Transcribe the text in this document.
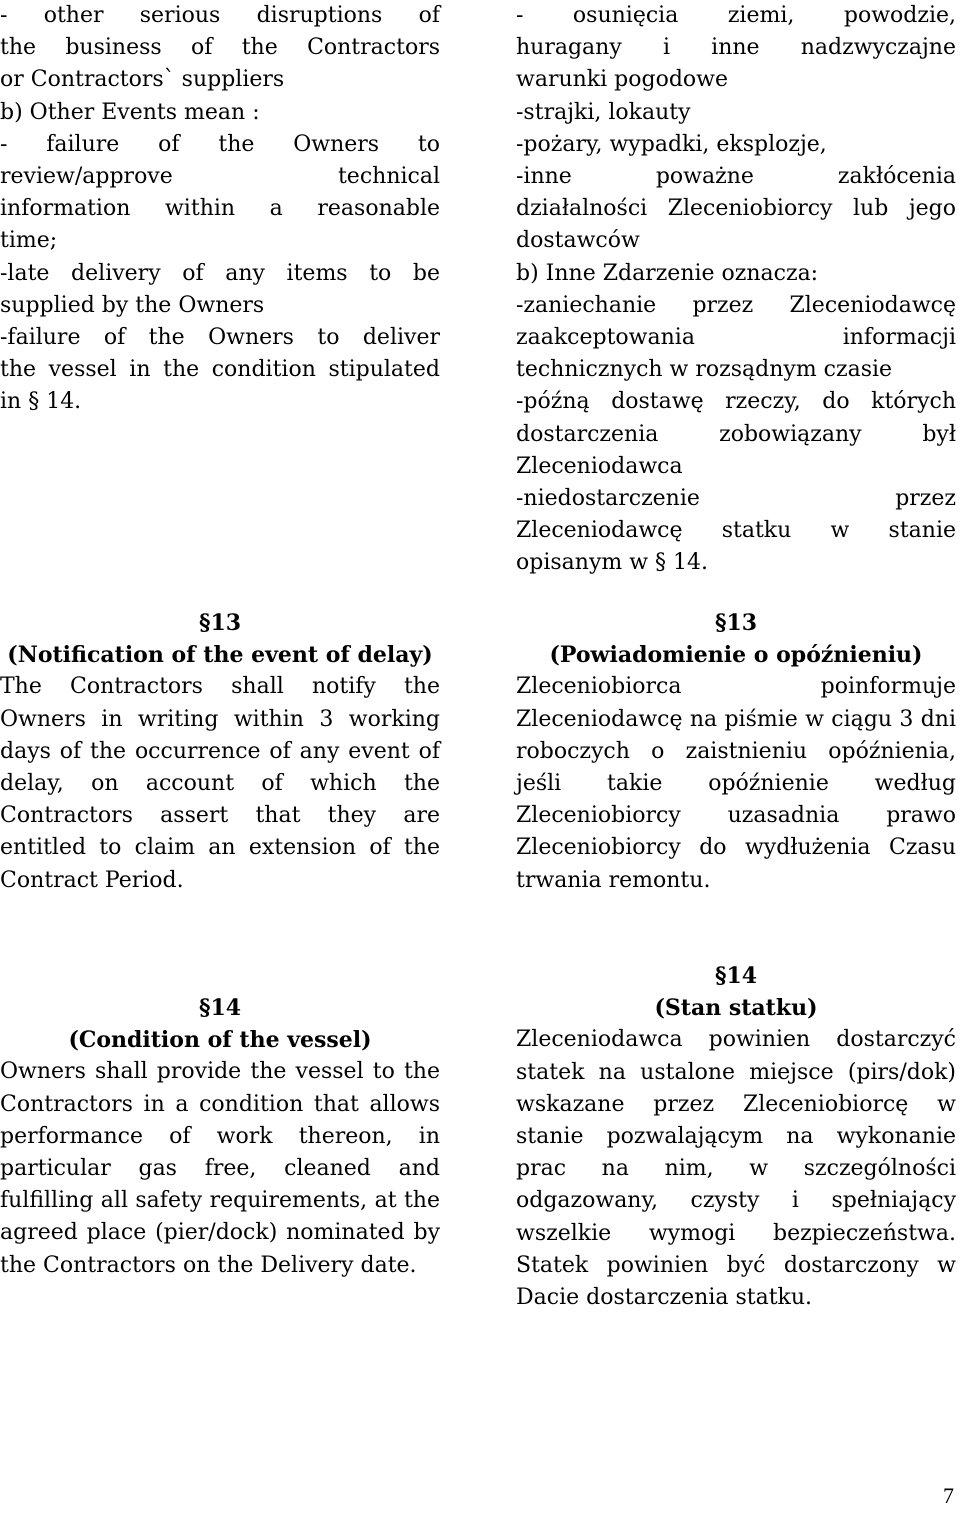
- other serious disruptions of
the business of the Contractors
or Contractors` suppliers
b) Other Events mean :
- failure of the Owners to
review/approve technical
information within a reasonable
time;
-late delivery of any items to be
supplied by the Owners
-failure of the Owners to deliver
the vessel in the condition stipulated
in § 14.

§13

(Notification of the event of delay)

The Contractors shall notify the Owners in writing within 3 working days of the occurrence of any event of delay, on account of which the Contractors assert that they are entitled to claim an extension of the Contract Period.

§14

(Condition of the vessel)

Owners shall provide the vessel to the Contractors in a condition that allows performance of work thereon, in particular gas free, cleaned and fulfilling all safety requirements, at the agreed place (pier/dock) nominated by the Contractors on the Delivery date.

- osunięcia ziemi, powodzie,
huragany i inne nadzwyczajne
warunki pogodowe
-strajki, lokauty
-pożary, wypadki, eksplozje,
-inne poważne zakłócenia
działalności Zleceniobiorcy lub jego
dostawców
b) Inne Zdarzenie oznacza:
-zaniechanie przez Zleceniodawcę
zaakceptowania informacji
technicznych w rozsądnym czasie
-późną dostawę rzeczy, do których
dostarczenia zobowiązany był
Zleceniodawca
-niedostarczenie przez
Zleceniodawcę statku w stanie
opisanym w § 14.

§13

(Powiadomienie o opóźnieniu)

Zleceniobiorca poinformuje Zleceniodawcę na piśmie w ciągu 3 dni roboczych o zaistnieniu opóźnienia, jeśli takie opóźnienie według Zleceniobiorcy uzasadnia prawo Zleceniobiorcy do wydłużenia Czasu trwania remontu.

§14

(Stan statku)

Zleceniodawca powinien dostarczyć statek na ustalone miejsce (pirs/dok) wskazane przez Zleceniobiorcę w stanie pozwalającym na wykonanie prac na nim, w szczególności odgazowany, czysty i spełniający wszelkie wymogi bezpieczeństwa. Statek powinien być dostarczony w Dacie dostarczenia statku.

7
